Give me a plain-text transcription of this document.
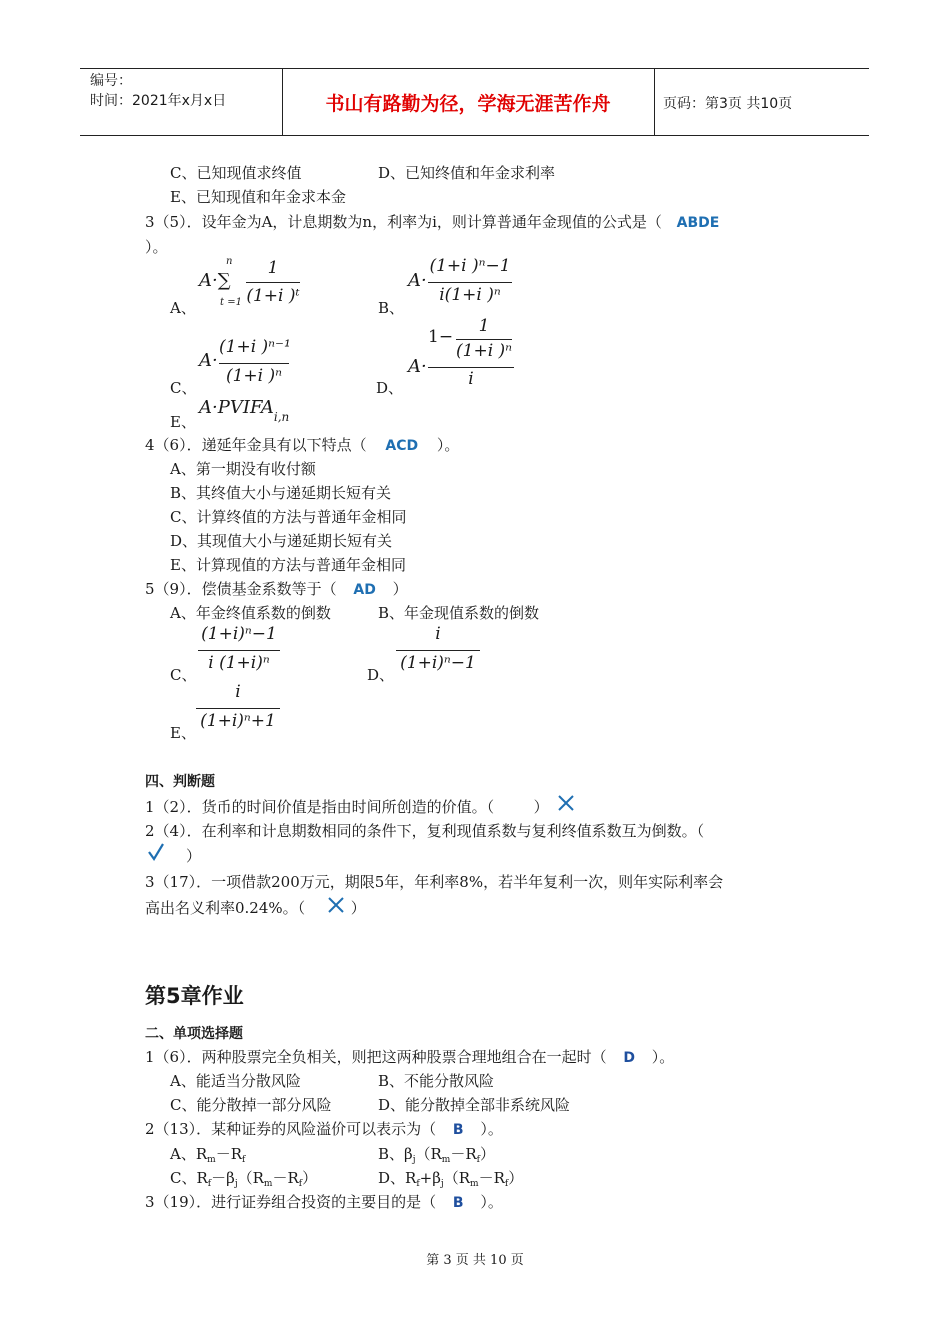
编号：
时间：2021年x月x日	书山有路勤为径，学海无涯苦作舟	页码：第3页 共10页
C、已知现值求终值	D、已知终值和年金求利率
E、已知现值和年金求本金
3（5）．设年金为A，计息期数为n，利率为i，则计算普通年金现值的公式是（ ABDE
）。
A、
A·∑
n
t =1
1
(1+i )ᵗ
B、
A·
(1+i )ⁿ−1
i(1+i )ⁿ
C、
A·
(1+i )ⁿ⁻¹
(1+i )ⁿ
D、
A·
1−
1
(1+i )ⁿ
i
E、
$A\cdot PVIFA_{i,n}$
4（6）．递延年金具有以下特点（ ACD ）。
A、第一期没有收付额
B、其终值大小与递延期长短有关
C、计算终值的方法与普通年金相同
D、其现值大小与递延期长短有关
E、计算现值的方法与普通年金相同
5（9）．偿债基金系数等于（ AD ）
A、年金终值系数的倒数	B、年金现值系数的倒数
C、
(1+i)ⁿ−1
i (1+i)ⁿ
D、
i
(1+i)ⁿ−1
E、
i
(1+i)ⁿ+1
四、判断题
1（2）．货币的时间价值是指由时间所创造的价值。（	）
2（4）．在利率和计息期数相同的条件下，复利现值系数与复利终值系数互为倒数。（
）
3（17）．一项借款200万元，期限5年，年利率8%，若半年复利一次，则年实际利率会
高出名义利率0.24%。（	）
第5章作业
二、单项选择题
1（6）．两种股票完全负相关，则把这两种股票合理地组合在一起时（ D ）。
A、能适当分散风险	B、不能分散风险
C、能分散掉一部分风险	D、能分散掉全部非系统风险
2（13）．某种证券的风险溢价可以表示为（ B ）。
A、$R_m-R_f$	B、$\beta_j(R_m-R_f)$
C、$R_f-\beta_j(R_m-R_f)$	D、$R_f+\beta_j(R_m-R_f)$
3（19）．进行证券组合投资的主要目的是（ B ）。
第 3 页 共 10 页
